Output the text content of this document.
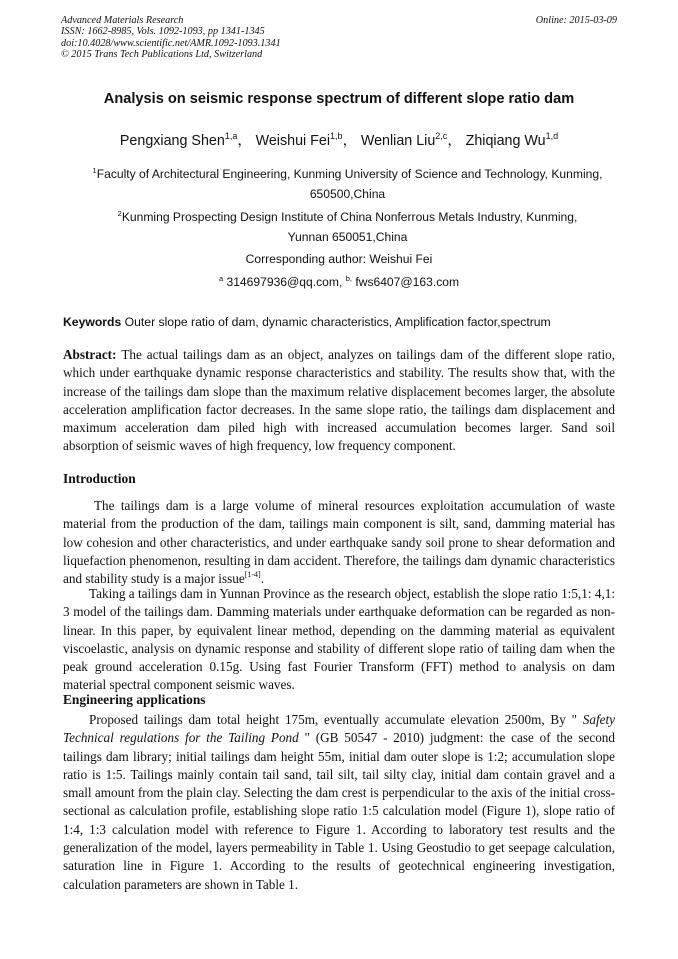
Advanced Materials Research
ISSN: 1662-8985, Vols. 1092-1093, pp 1341-1345
doi:10.4028/www.scientific.net/AMR.1092-1093.1341
© 2015 Trans Tech Publications Ltd, Switzerland
Online: 2015-03-09
Analysis on seismic response spectrum of different slope ratio dam
Pengxiang Shen$^{1,a}$， Weishui Fei$^{1,b}$， Wenlian Liu$^{2,c}$， Zhiqiang Wu$^{1,d}$
$^1$Faculty of Architectural Engineering, Kunming University of Science and Technology, Kunming, 650500,China
$^2$Kunming Prospecting Design Institute of China Nonferrous Metals Industry, Kunming, Yunnan 650051,China
Corresponding author: Weishui Fei
$^a$ 314697936@qq.com, $^{b,}$ fws6407@163.com
Keywords Outer slope ratio of dam, dynamic characteristics, Amplification factor,spectrum
Abstract: The actual tailings dam as an object, analyzes on tailings dam of the different slope ratio, which under earthquake dynamic response characteristics and stability. The results show that, with the increase of the tailings dam slope than the maximum relative displacement becomes larger, the absolute acceleration amplification factor decreases. In the same slope ratio, the tailings dam displacement and maximum acceleration dam piled high with increased accumulation becomes larger. Sand soil absorption of seismic waves of high frequency, low frequency component.
Introduction
The tailings dam is a large volume of mineral resources exploitation accumulation of waste material from the production of the dam, tailings main component is silt, sand, damming material has low cohesion and other characteristics, and under earthquake sandy soil prone to shear deformation and liquefaction phenomenon, resulting in dam accident. Therefore, the tailings dam dynamic characteristics and stability study is a major issue[1-4].
Taking a tailings dam in Yunnan Province as the research object, establish the slope ratio 1:5,1: 4,1: 3 model of the tailings dam. Damming materials under earthquake deformation can be regarded as non-linear. In this paper, by equivalent linear method, depending on the damming material as equivalent viscoelastic, analysis on dynamic response and stability of different slope ratio of tailing dam when the peak ground acceleration 0.15g. Using fast Fourier Transform (FFT) method to analysis on dam material spectral component seismic waves.
Engineering applications
Proposed tailings dam total height 175m, eventually accumulate elevation 2500m, By " Safety Technical regulations for the Tailing Pond " (GB 50547 - 2010) judgment: the case of the second tailings dam library; initial tailings dam height 55m, initial dam outer slope is 1:2; accumulation slope ratio is 1:5. Tailings mainly contain tail sand, tail silt, tail silty clay, initial dam contain gravel and a small amount from the plain clay. Selecting the dam crest is perpendicular to the axis of the initial cross-sectional as calculation profile, establishing slope ratio 1:5 calculation model (Figure 1), slope ratio of 1:4, 1:3 calculation model with reference to Figure 1. According to laboratory test results and the generalization of the model, layers permeability in Table 1. Using Geostudio to get seepage calculation, saturation line in Figure 1. According to the results of geotechnical engineering investigation, calculation parameters are shown in Table 1.
